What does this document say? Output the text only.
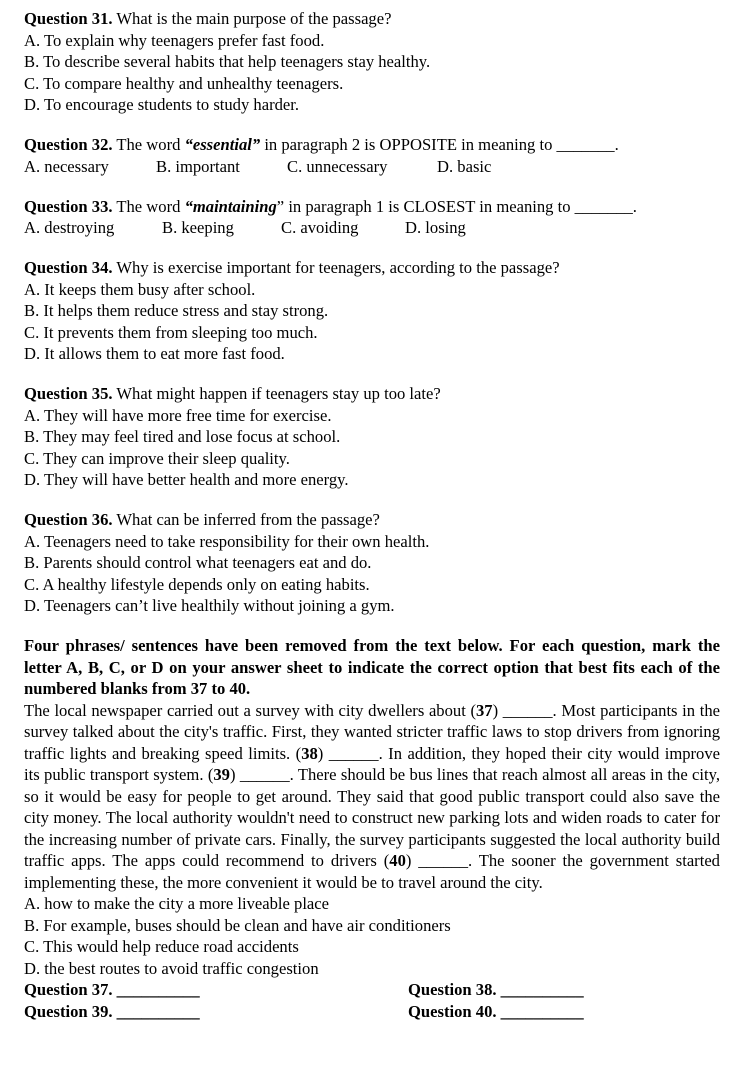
Question 31. What is the main purpose of the passage?

A. To explain why teenagers prefer fast food.

B. To describe several habits that help teenagers stay healthy.

C. To compare healthy and unhealthy teenagers.

D. To encourage students to study harder.

Question 32. The word “essential” in paragraph 2 is OPPOSITE in meaning to _______.

A. necessary	B. important	C. unnecessary	D. basic

Question 33. The word “maintaining” in paragraph 1 is CLOSEST in meaning to _______.

A. destroying	B. keeping	C. avoiding	D. losing

Question 34. Why is exercise important for teenagers, according to the passage?

A. It keeps them busy after school.

B. It helps them reduce stress and stay strong.

C. It prevents them from sleeping too much.

D. It allows them to eat more fast food.

Question 35. What might happen if teenagers stay up too late?

A. They will have more free time for exercise.

B. They may feel tired and lose focus at school.

C. They can improve their sleep quality.

D. They will have better health and more energy.

Question 36. What can be inferred from the passage?

A. Teenagers need to take responsibility for their own health.

B. Parents should control what teenagers eat and do.

C. A healthy lifestyle depends only on eating habits.

D. Teenagers can’t live healthily without joining a gym.

Four phrases/ sentences have been removed from the text below. For each question, mark the letter A, B, C, or D on your answer sheet to indicate the correct option that best fits each of the numbered blanks from 37 to 40.

The local newspaper carried out a survey with city dwellers about (37) ______. Most participants in the survey talked about the city's traffic. First, they wanted stricter traffic laws to stop drivers from ignoring traffic lights and breaking speed limits. (38) ______. In addition, they hoped their city would improve its public transport system. (39) ______. There should be bus lines that reach almost all areas in the city, so it would be easy for people to get around. They said that good public transport could also save the city money. The local authority wouldn't need to construct new parking lots and widen roads to cater for the increasing number of private cars. Finally, the survey participants suggested the local authority build traffic apps. The apps could recommend to drivers (40) ______. The sooner the government started implementing these, the more convenient it would be to travel around the city.

A. how to make the city a more liveable place

B. For example, buses should be clean and have air conditioners

C. This would help reduce road accidents

D. the best routes to avoid traffic congestion

Question 37. __________	Question 38. __________
Question 39. __________	Question 40. __________
